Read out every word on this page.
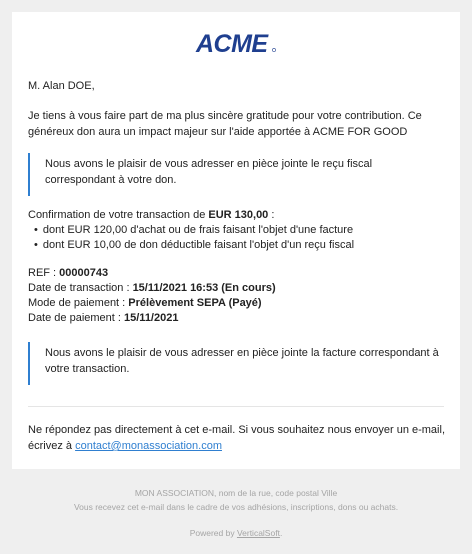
ACME
M. Alan DOE,
Je tiens à vous faire part de ma plus sincère gratitude pour votre contribution. Ce généreux don aura un impact majeur sur l'aide apportée à ACME FOR GOOD
Nous avons le plaisir de vous adresser en pièce jointe le reçu fiscal correspondant à votre don.
Confirmation de votre transaction de EUR 130,00 :
• dont EUR 120,00 d'achat ou de frais faisant l'objet d'une facture
• dont EUR 10,00 de don déductible faisant l'objet d'un reçu fiscal
REF : 00000743
Date de transaction : 15/11/2021 16:53 (En cours)
Mode de paiement : Prélèvement SEPA (Payé)
Date de paiement : 15/11/2021
Nous avons le plaisir de vous adresser en pièce jointe la facture correspondant à votre transaction.
Ne répondez pas directement à cet e-mail. Si vous souhaitez nous envoyer un e-mail, écrivez à contact@monassociation.com
MON ASSOCIATION, nom de la rue, code postal Ville
Vous recevez cet e-mail dans le cadre de vos adhésions, inscriptions, dons ou achats.
Powered by VerticalSoft.
